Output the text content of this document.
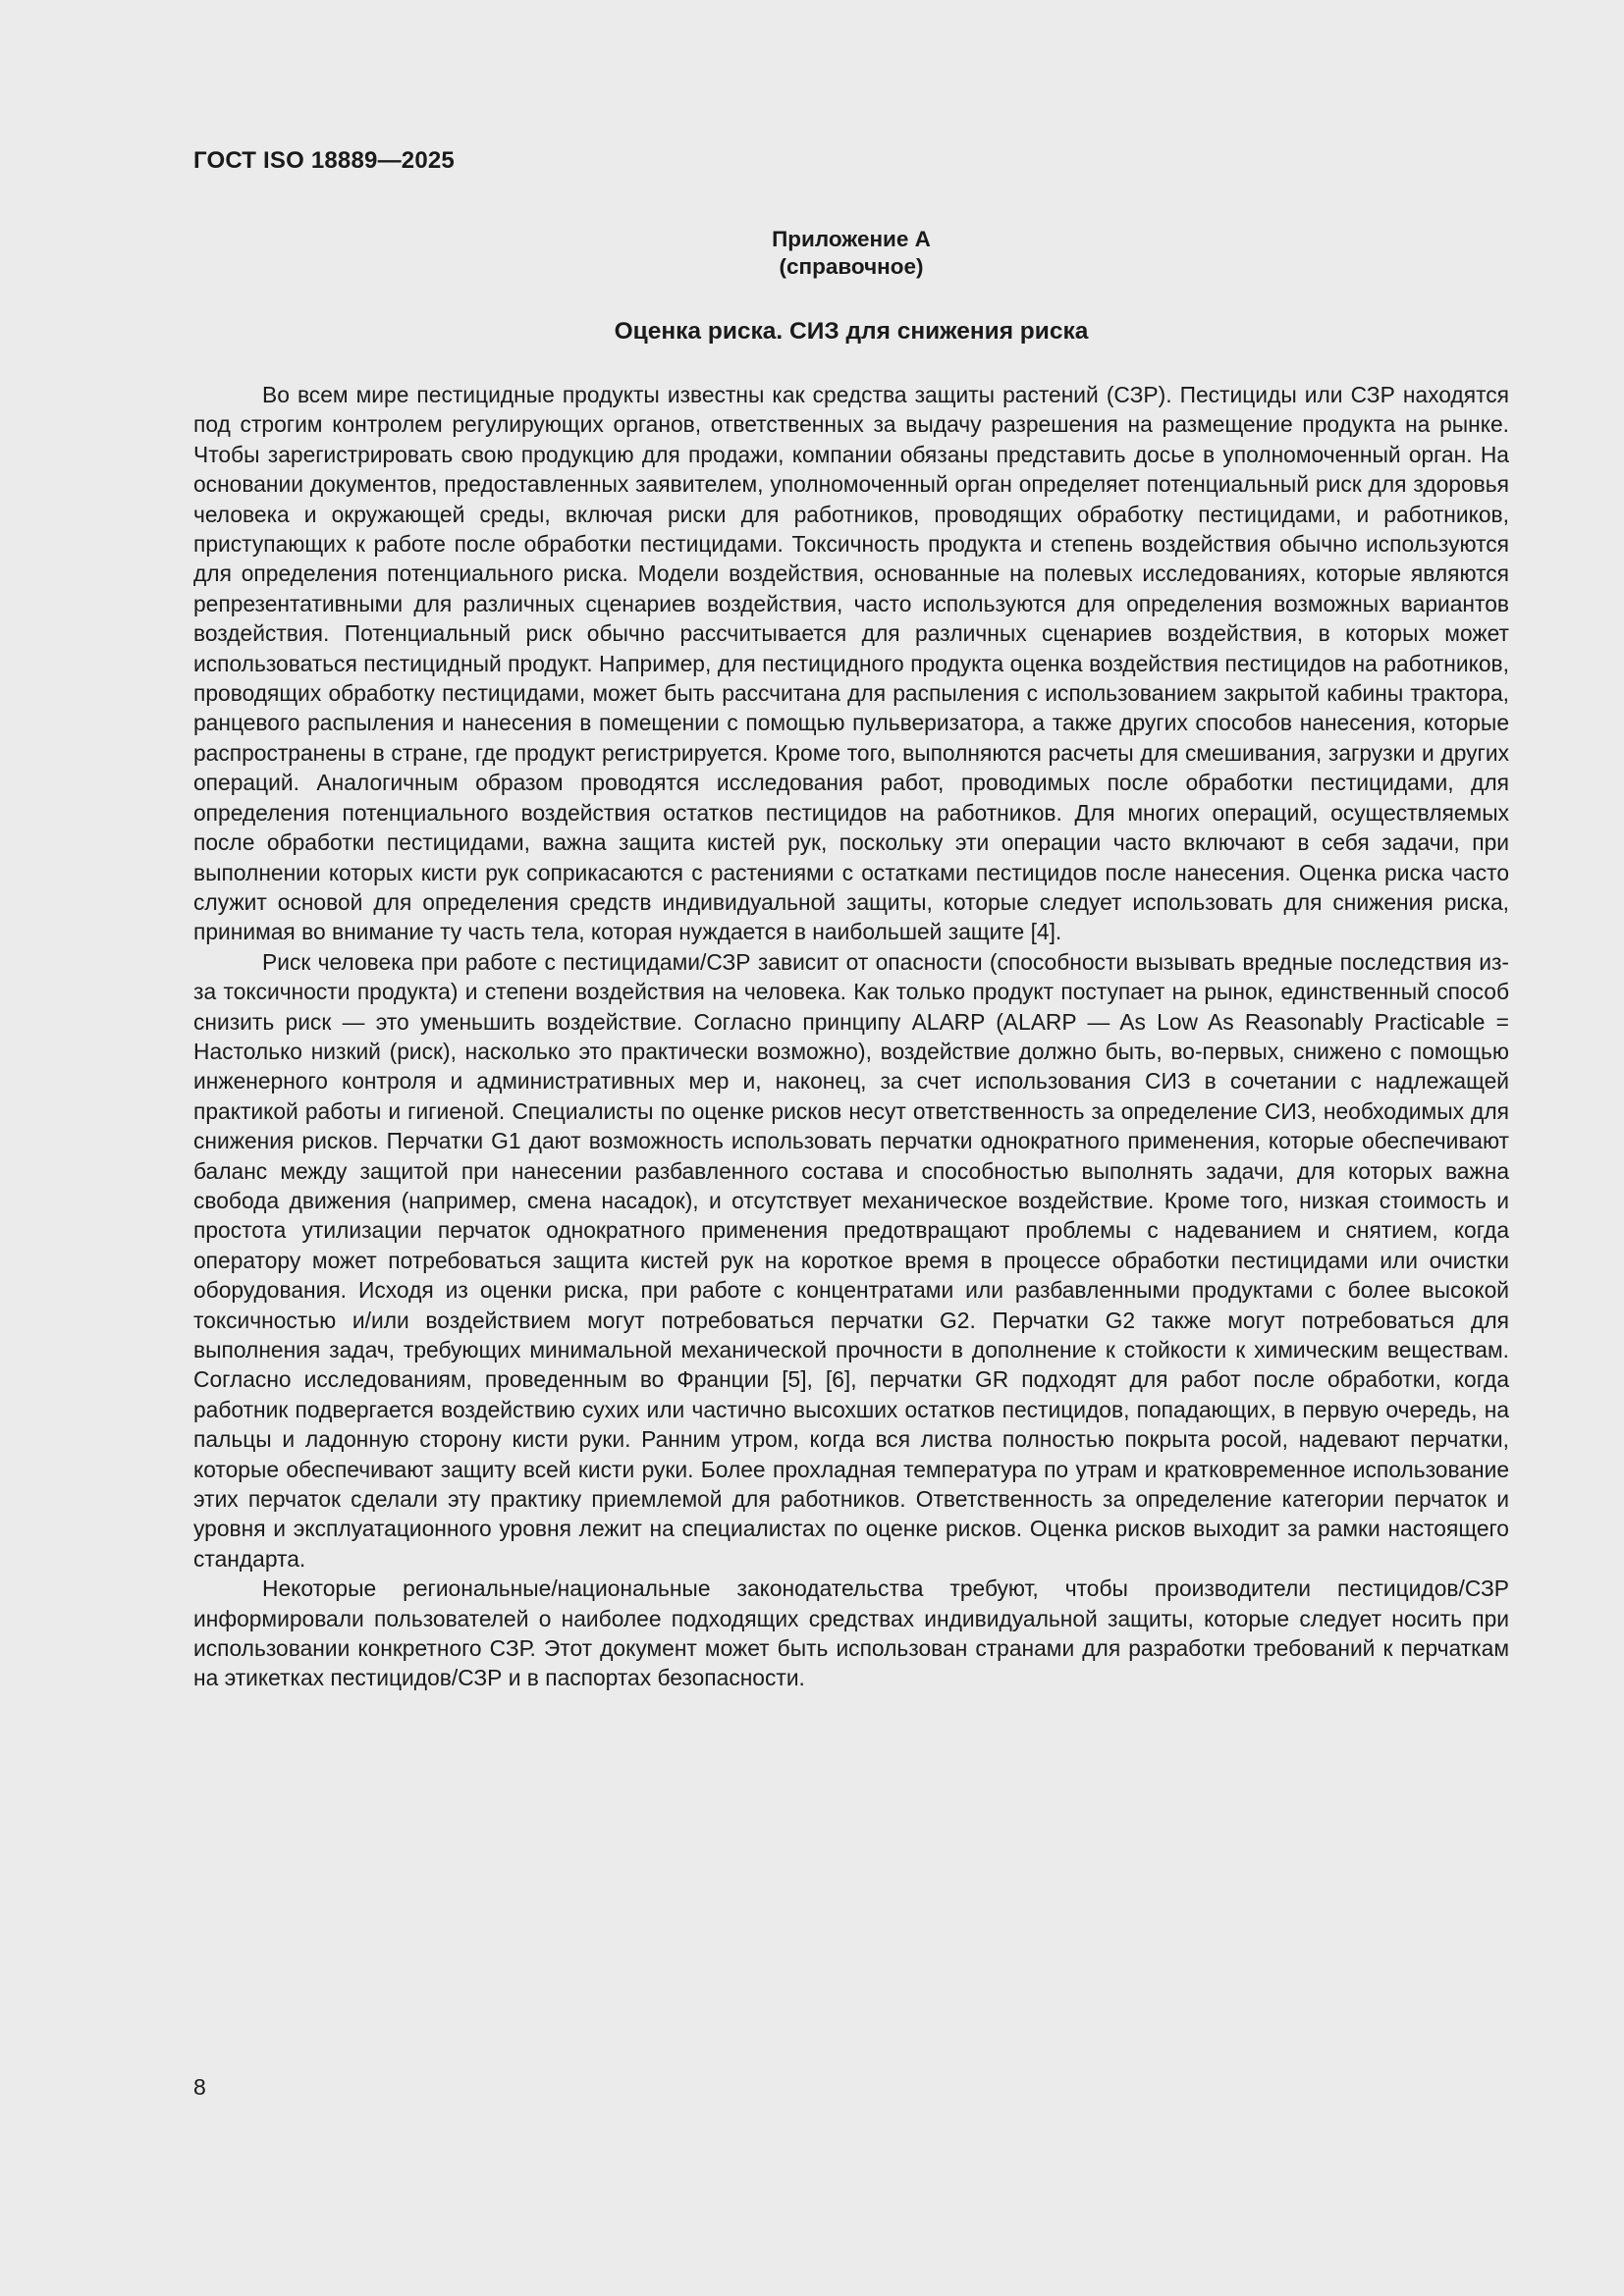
ГОСТ ISO 18889—2025
Приложение А
(справочное)
Оценка риска. СИЗ для снижения риска

Во всем мире пестицидные продукты известны как средства защиты растений (СЗР). Пестициды или СЗР находятся под строгим контролем регулирующих органов, ответственных за выдачу разрешения на размещение продукта на рынке. Чтобы зарегистрировать свою продукцию для продажи, компании обязаны представить досье в уполномоченный орган. На основании документов, предоставленных заявителем, уполномоченный орган определяет потенциальный риск для здоровья человека и окружающей среды, включая риски для работников, проводящих обработку пестицидами, и работников, приступающих к работе после обработки пестицидами. Токсичность продукта и степень воздействия обычно используются для определения потенциального риска. Модели воздействия, основанные на полевых исследованиях, которые являются репрезентативными для различных сценариев воздействия, часто используются для определения возможных вариантов воздействия. Потенциальный риск обычно рассчитывается для различных сценариев воздействия, в которых может использоваться пестицидный продукт. Например, для пестицидного продукта оценка воздействия пестицидов на работников, проводящих обработку пестицидами, может быть рассчитана для распыления с использованием закрытой кабины трактора, ранцевого распыления и нанесения в помещении с помощью пульверизатора, а также других способов нанесения, которые распространены в стране, где продукт регистрируется. Кроме того, выполняются расчеты для смешивания, загрузки и других операций. Аналогичным образом проводятся исследования работ, проводимых после обработки пестицидами, для определения потенциального воздействия остатков пестицидов на работников. Для многих операций, осуществляемых после обработки пестицидами, важна защита кистей рук, поскольку эти операции часто включают в себя задачи, при выполнении которых кисти рук соприкасаются с растениями с остатками пестицидов после нанесения. Оценка риска часто служит основой для определения средств индивидуальной защиты, которые следует использовать для снижения риска, принимая во внимание ту часть тела, которая нуждается в наибольшей защите [4].

Риск человека при работе с пестицидами/СЗР зависит от опасности (способности вызывать вредные последствия из-за токсичности продукта) и степени воздействия на человека. Как только продукт поступает на рынок, единственный способ снизить риск — это уменьшить воздействие. Согласно принципу ALARP (ALARP — As Low As Reasonably Practicable = Настолько низкий (риск), насколько это практически возможно), воздействие должно быть, во-первых, снижено с помощью инженерного контроля и административных мер и, наконец, за счет использования СИЗ в сочетании с надлежащей практикой работы и гигиеной. Специалисты по оценке рисков несут ответственность за определение СИЗ, необходимых для снижения рисков. Перчатки G1 дают возможность использовать перчатки однократного применения, которые обеспечивают баланс между защитой при нанесении разбавленного состава и способностью выполнять задачи, для которых важна свобода движения (например, смена насадок), и отсутствует механическое воздействие. Кроме того, низкая стоимость и простота утилизации перчаток однократного применения предотвращают проблемы с надеванием и снятием, когда оператору может потребоваться защита кистей рук на короткое время в процессе обработки пестицидами или очистки оборудования. Исходя из оценки риска, при работе с концентратами или разбавленными продуктами с более высокой токсичностью и/или воздействием могут потребоваться перчатки G2. Перчатки G2 также могут потребоваться для выполнения задач, требующих минимальной механической прочности в дополнение к стойкости к химическим веществам. Согласно исследованиям, проведенным во Франции [5], [6], перчатки GR подходят для работ после обработки, когда работник подвергается воздействию сухих или частично высохших остатков пестицидов, попадающих, в первую очередь, на пальцы и ладонную сторону кисти руки. Ранним утром, когда вся листва полностью покрыта росой, надевают перчатки, которые обеспечивают защиту всей кисти руки. Более прохладная температура по утрам и кратковременное использование этих перчаток сделали эту практику приемлемой для работников. Ответственность за определение категории перчаток и уровня и эксплуатационного уровня лежит на специалистах по оценке рисков. Оценка рисков выходит за рамки настоящего стандарта.

Некоторые региональные/национальные законодательства требуют, чтобы производители пестицидов/СЗР информировали пользователей о наиболее подходящих средствах индивидуальной защиты, которые следует носить при использовании конкретного СЗР. Этот документ может быть использован странами для разработки требований к перчаткам на этикетках пестицидов/СЗР и в паспортах безопасности.

8
